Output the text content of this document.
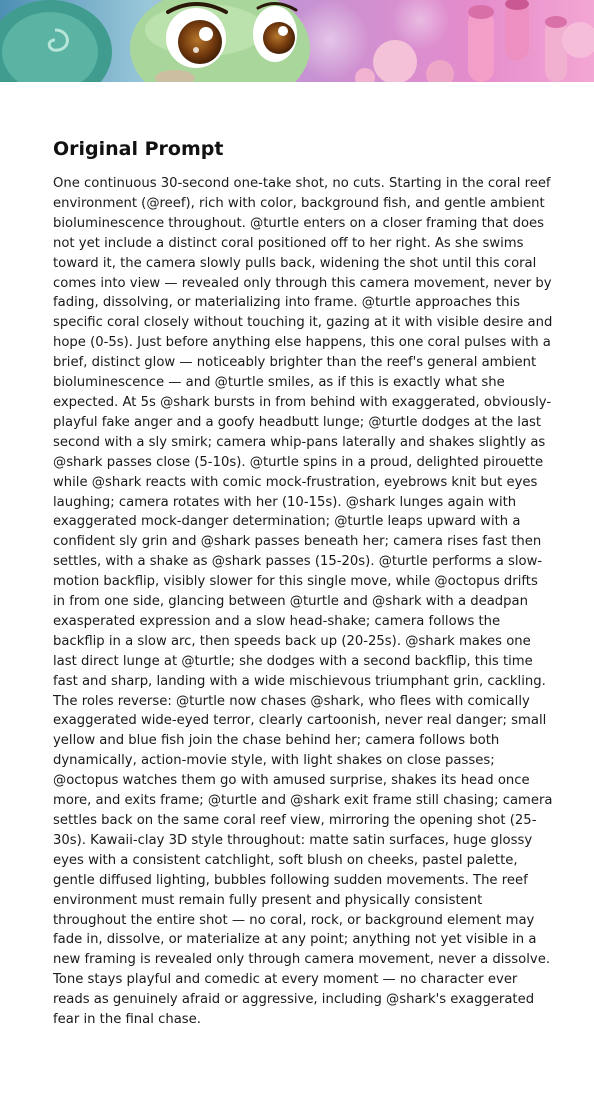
Original Prompt

One continuous 30-second one-take shot, no cuts. Starting in the coral reef environment (@reef), rich with color, background fish, and gentle ambient bioluminescence throughout. @turtle enters on a closer framing that does not yet include a distinct coral positioned off to her right. As she swims toward it, the camera slowly pulls back, widening the shot until this coral comes into view — revealed only through this camera movement, never by fading, dissolving, or materializing into frame. @turtle approaches this specific coral closely without touching it, gazing at it with visible desire and hope (0-5s). Just before anything else happens, this one coral pulses with a brief, distinct glow — noticeably brighter than the reef's general ambient bioluminescence — and @turtle smiles, as if this is exactly what she expected. At 5s @shark bursts in from behind with exaggerated, obviously-playful fake anger and a goofy headbutt lunge; @turtle dodges at the last second with a sly smirk; camera whip-pans laterally and shakes slightly as @shark passes close (5-10s). @turtle spins in a proud, delighted pirouette while @shark reacts with comic mock-frustration, eyebrows knit but eyes laughing; camera rotates with her (10-15s). @shark lunges again with exaggerated mock-danger determination; @turtle leaps upward with a confident sly grin and @shark passes beneath her; camera rises fast then settles, with a shake as @shark passes (15-20s). @turtle performs a slow-motion backflip, visibly slower for this single move, while @octopus drifts in from one side, glancing between @turtle and @shark with a deadpan exasperated expression and a slow head-shake; camera follows the backflip in a slow arc, then speeds back up (20-25s). @shark makes one last direct lunge at @turtle; she dodges with a second backflip, this time fast and sharp, landing with a wide mischievous triumphant grin, cackling. The roles reverse: @turtle now chases @shark, who flees with comically exaggerated wide-eyed terror, clearly cartoonish, never real danger; small yellow and blue fish join the chase behind her; camera follows both dynamically, action-movie style, with light shakes on close passes; @octopus watches them go with amused surprise, shakes its head once more, and exits frame; @turtle and @shark exit frame still chasing; camera settles back on the same coral reef view, mirroring the opening shot (25-30s). Kawaii-clay 3D style throughout: matte satin surfaces, huge glossy eyes with a consistent catchlight, soft blush on cheeks, pastel palette, gentle diffused lighting, bubbles following sudden movements. The reef environment must remain fully present and physically consistent throughout the entire shot — no coral, rock, or background element may fade in, dissolve, or materialize at any point; anything not yet visible in a new framing is revealed only through camera movement, never a dissolve. Tone stays playful and comedic at every moment — no character ever reads as genuinely afraid or aggressive, including @shark's exaggerated fear in the final chase.
